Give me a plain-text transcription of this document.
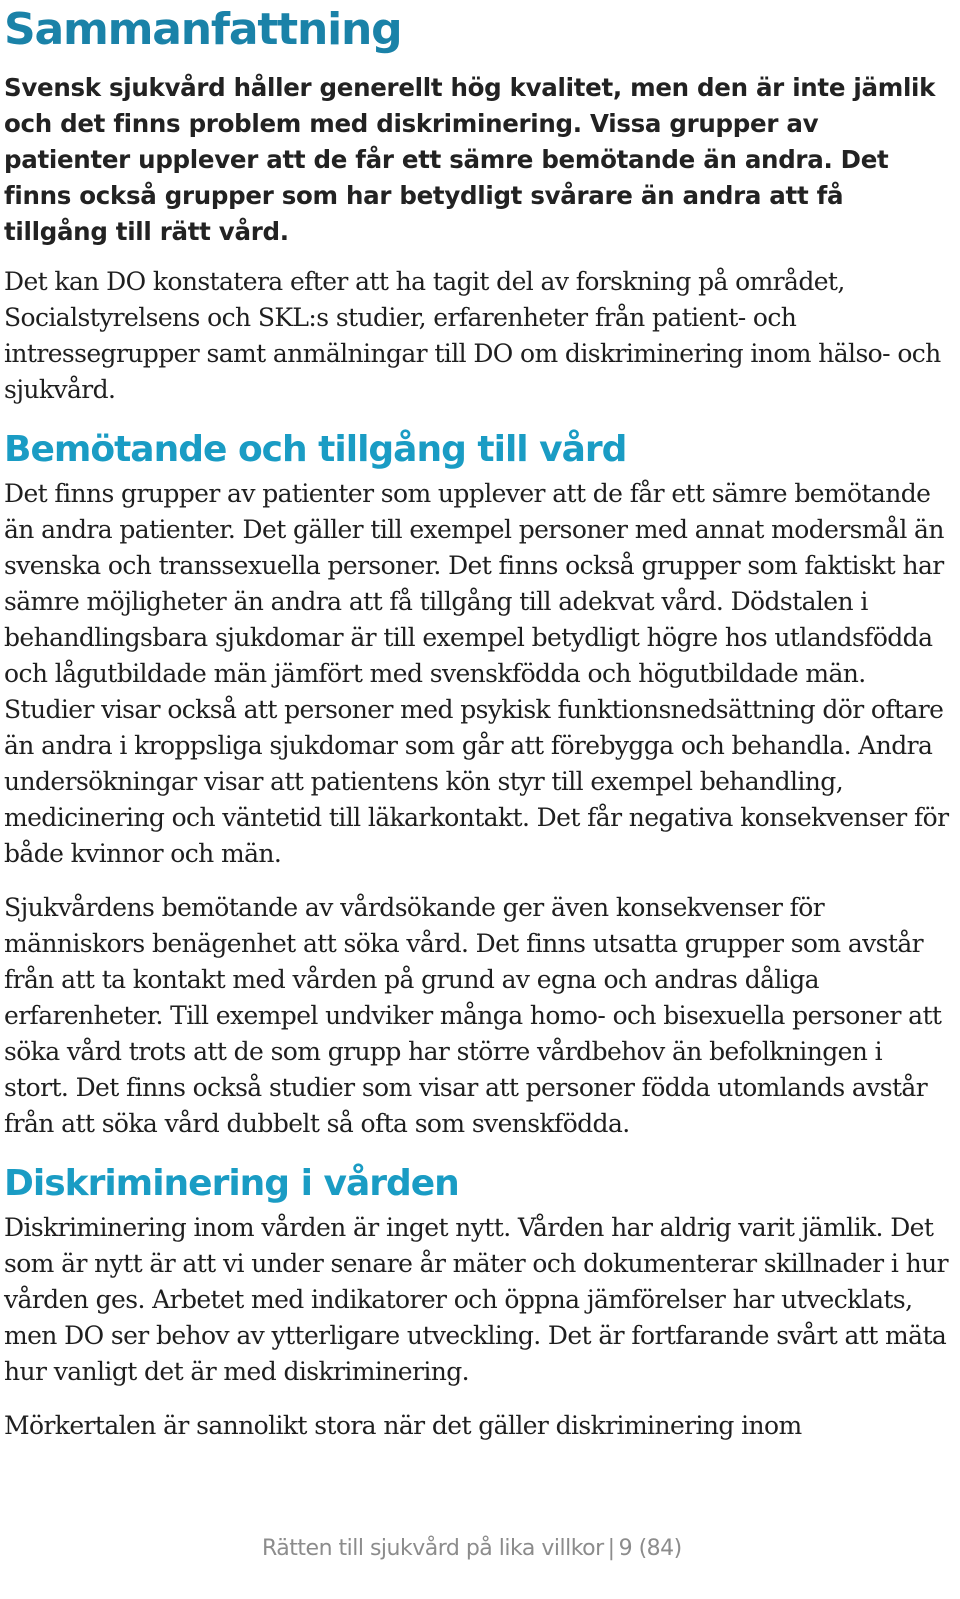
Sammanfattning

Svensk sjukvård håller generellt hög kvalitet, men den är inte jämlik och det finns problem med diskriminering. Vissa grupper av patienter upplever att de får ett sämre bemötande än andra. Det finns också grupper som har betydligt svårare än andra att få tillgång till rätt vård.

Det kan DO konstatera efter att ha tagit del av forskning på området, Socialstyrelsens och SKL:s studier, erfarenheter från patient- och intressegrupper samt anmälningar till DO om diskriminering inom hälso- och sjukvård.

Bemötande och tillgång till vård

Det finns grupper av patienter som upplever att de får ett sämre bemötande än andra patienter. Det gäller till exempel personer med annat modersmål än svenska och transsexuella personer. Det finns också grupper som faktiskt har sämre möjligheter än andra att få tillgång till adekvat vård. Dödstalen i behandlingsbara sjukdomar är till exempel betydligt högre hos utlandsfödda och lågutbildade män jämfört med svenskfödda och högutbildade män. Studier visar också att personer med psykisk funktionsnedsättning dör oftare än andra i kroppsliga sjukdomar som går att förebygga och behandla. Andra undersökningar visar att patientens kön styr till exempel behandling, medicinering och väntetid till läkarkontakt. Det får negativa konsekvenser för både kvinnor och män.

Sjukvårdens bemötande av vårdsökande ger även konsekvenser för människors benägenhet att söka vård. Det finns utsatta grupper som avstår från att ta kontakt med vården på grund av egna och andras dåliga erfarenheter. Till exempel undviker många homo- och bisexuella personer att söka vård trots att de som grupp har större vårdbehov än befolkningen i stort. Det finns också studier som visar att personer födda utomlands avstår från att söka vård dubbelt så ofta som svenskfödda.

Diskriminering i vården

Diskriminering inom vården är inget nytt. Vården har aldrig varit jämlik. Det som är nytt är att vi under senare år mäter och dokumenterar skillnader i hur vården ges. Arbetet med indikatorer och öppna jämförelser har utvecklats, men DO ser behov av ytterligare utveckling. Det är fortfarande svårt att mäta hur vanligt det är med diskriminering.

Mörkertalen är sannolikt stora när det gäller diskriminering inom

Rätten till sjukvård på lika villkor | 9 (84)
